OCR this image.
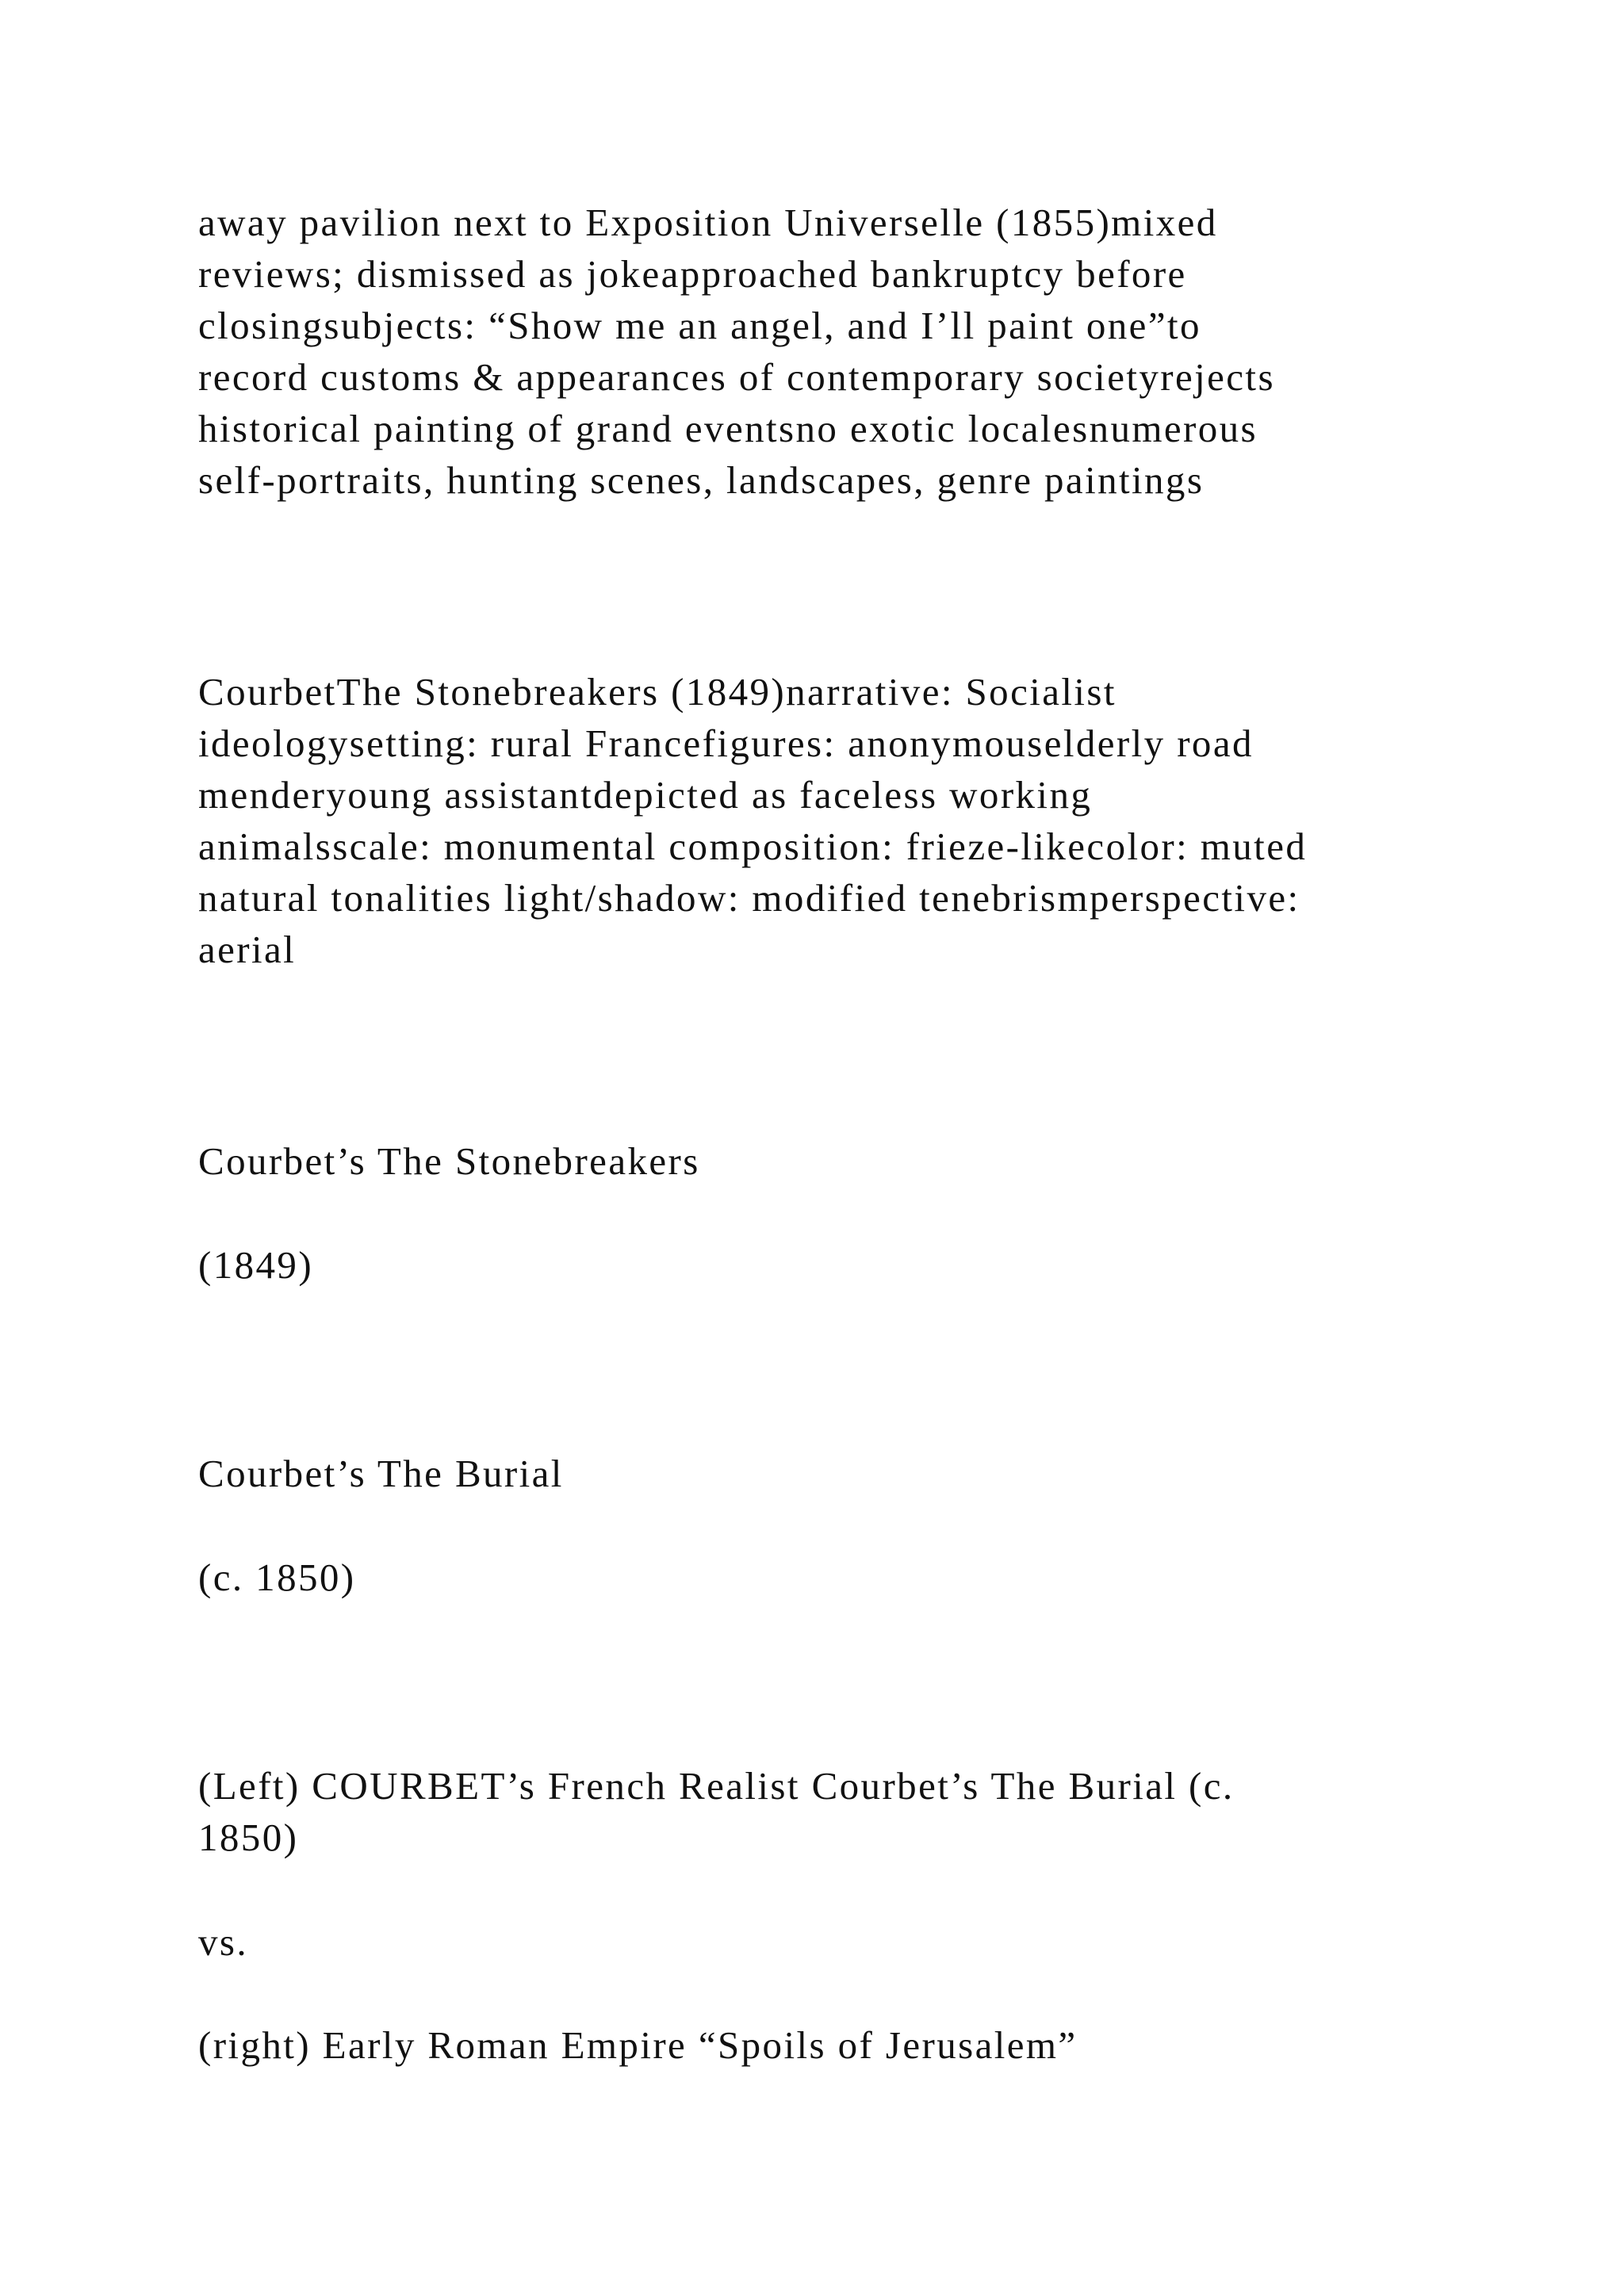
away pavilion next to Exposition Universelle (1855)mixed
reviews; dismissed as jokeapproached bankruptcy before
closingsubjects: “Show me an angel, and I’ll paint one”to
record customs & appearances of contemporary societyrejects
historical painting of grand eventsno exotic localesnumerous
self-portraits, hunting scenes, landscapes, genre paintings
CourbetThe Stonebreakers (1849)narrative: Socialist
ideologysetting: rural Francefigures: anonymouselderly road
menderyoung assistantdepicted as faceless working
animalsscale: monumental composition: frieze-likecolor: muted
natural tonalities light/shadow: modified tenebrismperspective:
aerial
Courbet’s The Stonebreakers
(1849)
Courbet’s The Burial
(c. 1850)
(Left) COURBET’s French Realist Courbet’s The Burial (c.
1850)
vs.
(right) Early Roman Empire “Spoils of Jerusalem”
